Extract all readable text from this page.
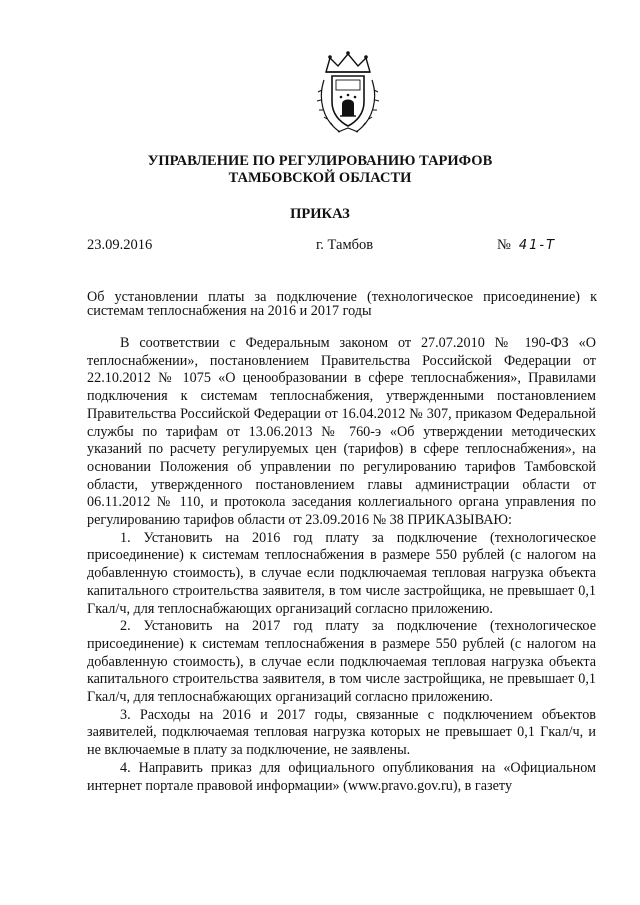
УПРАВЛЕНИЕ ПО РЕГУЛИРОВАНИЮ ТАРИФОВ
ТАМБОВСКОЙ ОБЛАСТИ
ПРИКАЗ
23.09.2016	г. Тамбов	№ 41-Т
Об установлении платы за подключение (технологическое присоединение) к системам теплоснабжения на 2016 и 2017 годы

В соответствии с Федеральным законом от 27.07.2010 № 190-ФЗ «О теплоснабжении», постановлением Правительства Российской Федерации от 22.10.2012 № 1075 «О ценообразовании в сфере теплоснабжения», Правилами подключения к системам теплоснабжения, утвержденными постановлением Правительства Российской Федерации от 16.04.2012 № 307, приказом Федеральной службы по тарифам от 13.06.2013 № 760-э «Об утверждении методических указаний по расчету регулируемых цен (тарифов) в сфере теплоснабжения», на основании Положения об управлении по регулированию тарифов Тамбовской области, утвержденного постановлением главы администрации области от 06.11.2012 № 110, и протокола заседания коллегиального органа управления по регулированию тарифов области от 23.09.2016 № 38 ПРИКАЗЫВАЮ:

1. Установить на 2016 год плату за подключение (технологическое присоединение) к системам теплоснабжения в размере 550 рублей (с налогом на добавленную стоимость), в случае если подключаемая тепловая нагрузка объекта капитального строительства заявителя, в том числе застройщика, не превышает 0,1 Гкал/ч, для теплоснабжающих организаций согласно приложению.

2. Установить на 2017 год плату за подключение (технологическое присоединение) к системам теплоснабжения в размере 550 рублей (с налогом на добавленную стоимость), в случае если подключаемая тепловая нагрузка объекта капитального строительства заявителя, в том числе застройщика, не превышает 0,1 Гкал/ч, для теплоснабжающих организаций согласно приложению.

3. Расходы на 2016 и 2017 годы, связанные с подключением объектов заявителей, подключаемая тепловая нагрузка которых не превышает 0,1 Гкал/ч, и не включаемые в плату за подключение, не заявлены.

4. Направить приказ для официального опубликования на «Официальном интернет портале правовой информации» (www.pravo.gov.ru), в газету
